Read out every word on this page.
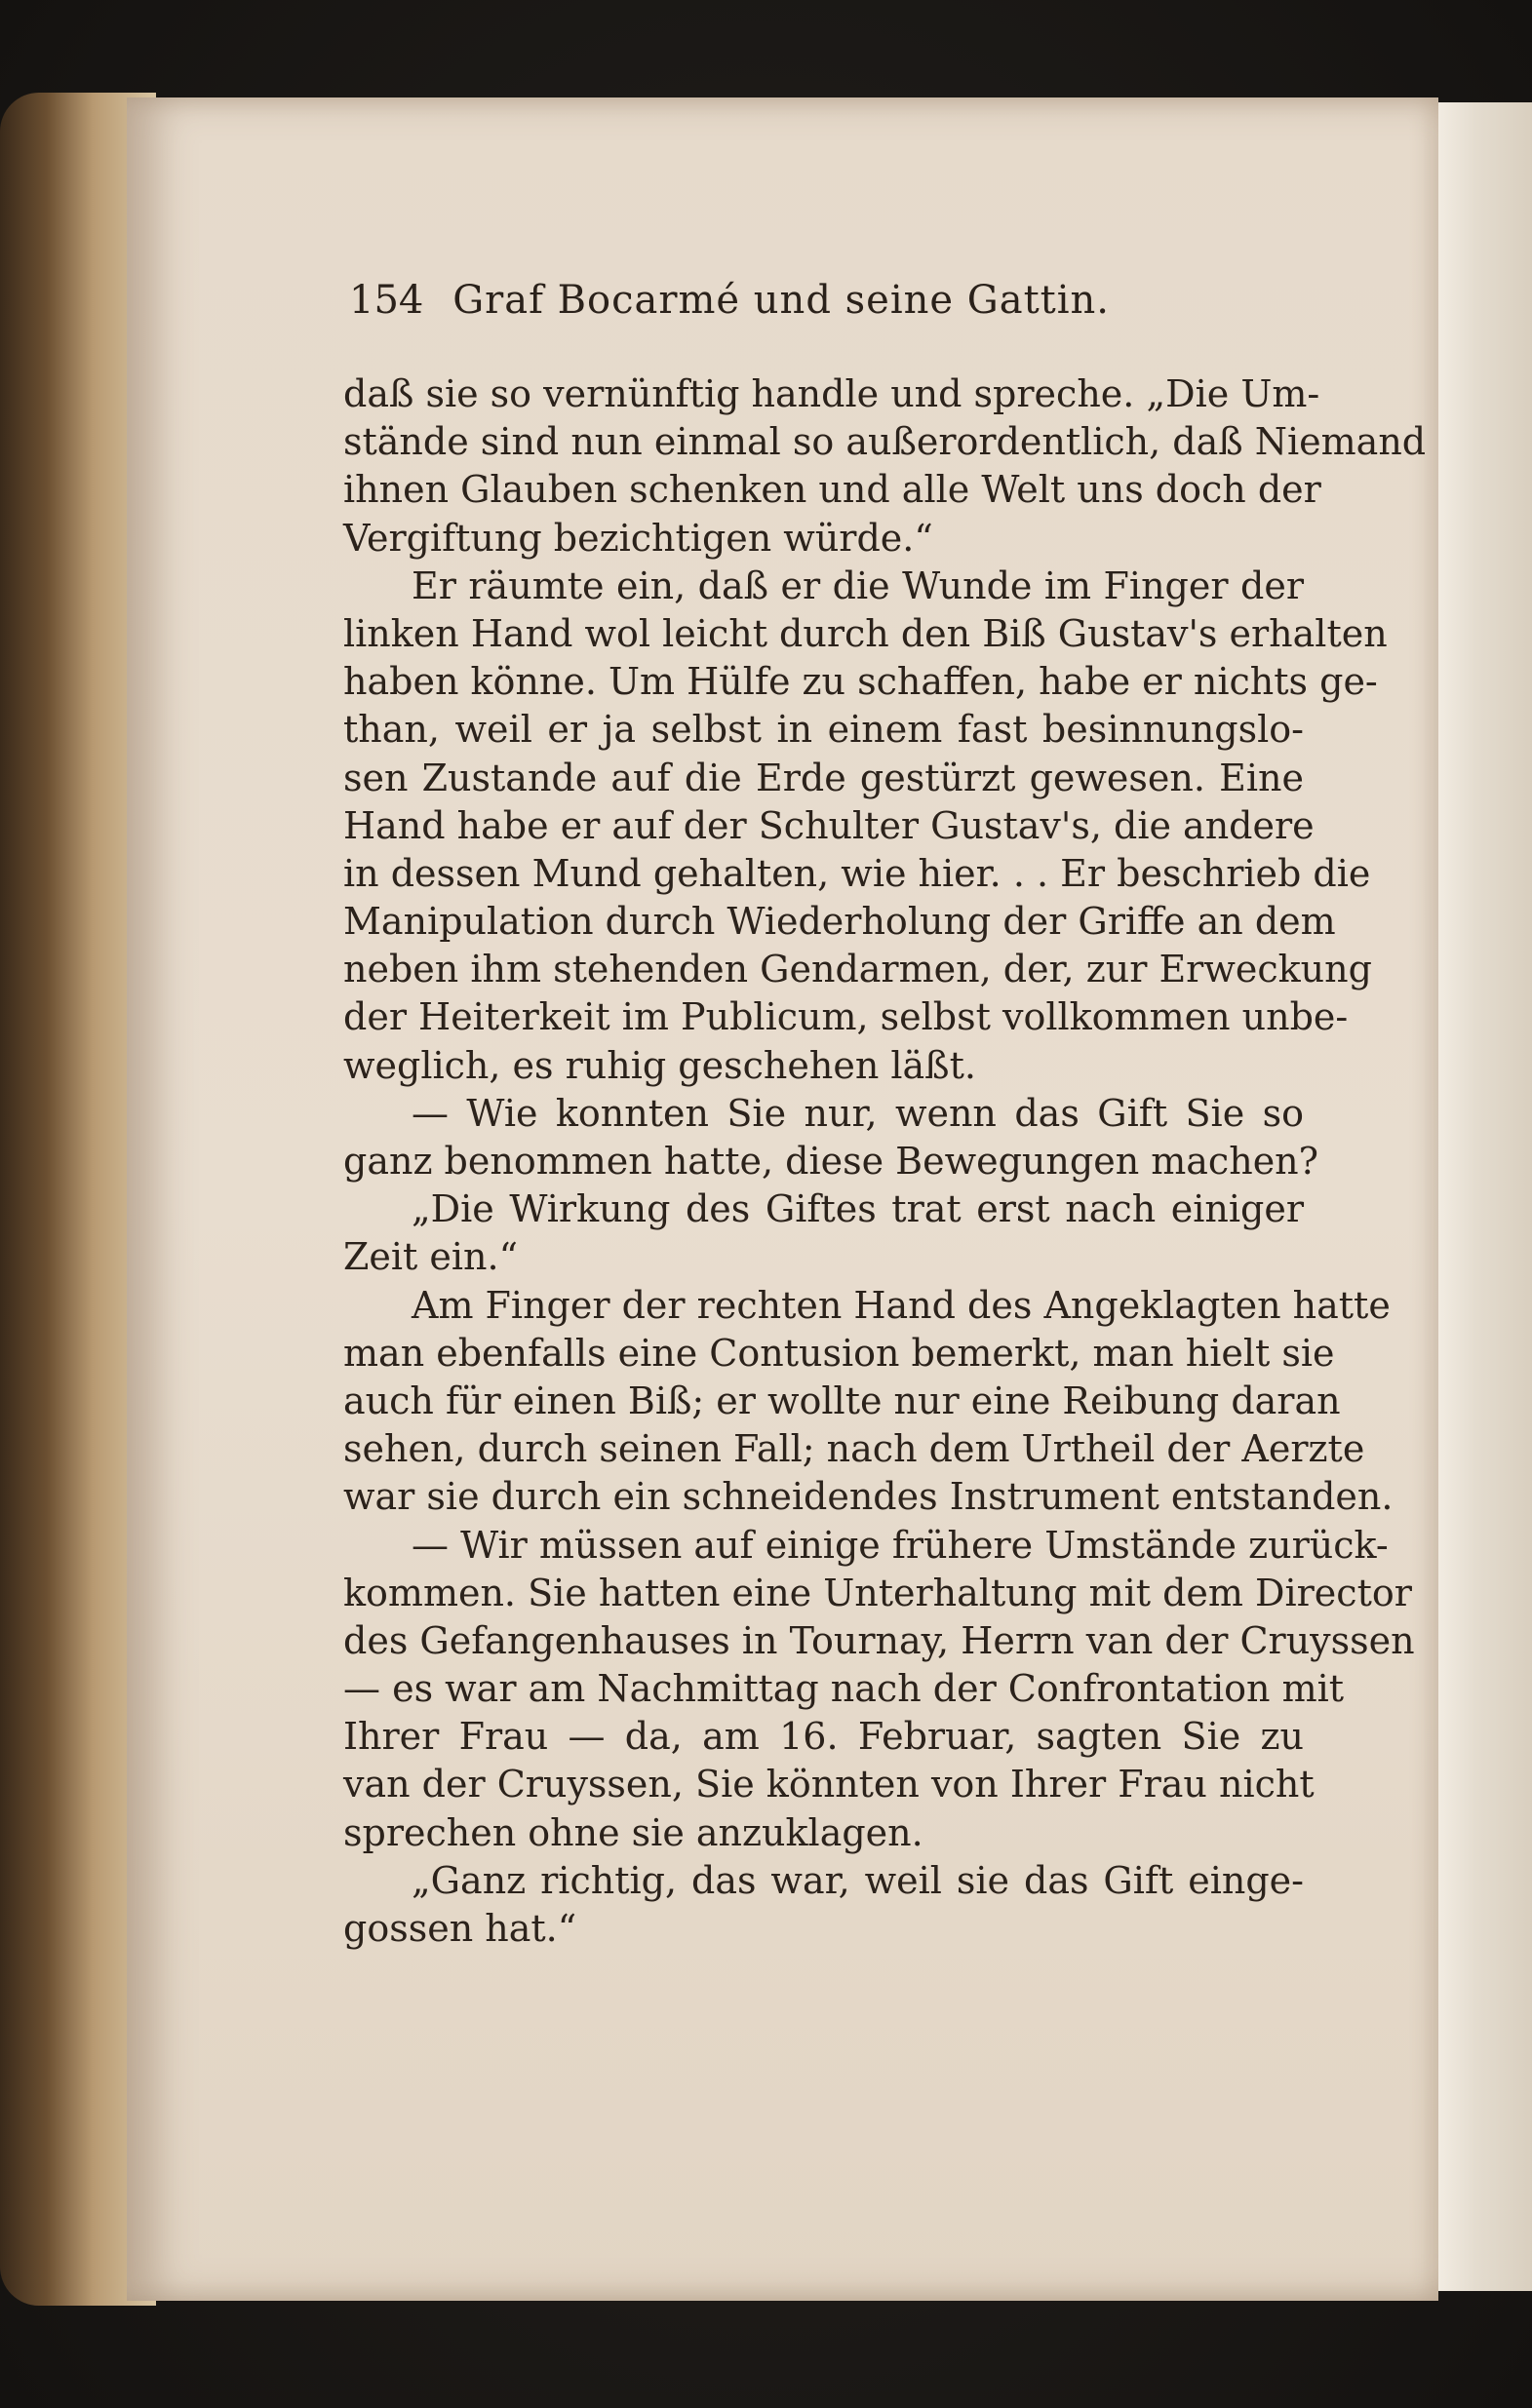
154 Graf Bocarmé und seine Gattin.
daß sie so vernünftig handle und spreche. „Die Um-
stände sind nun einmal so außerordentlich, daß Niemand
ihnen Glauben schenken und alle Welt uns doch der
Vergiftung bezichtigen würde.“
Er räumte ein, daß er die Wunde im Finger der
linken Hand wol leicht durch den Biß Gustav's erhalten
haben könne. Um Hülfe zu schaffen, habe er nichts ge-
than, weil er ja selbst in einem fast besinnungslo-
sen Zustande auf die Erde gestürzt gewesen. Eine
Hand habe er auf der Schulter Gustav's, die andere
in dessen Mund gehalten, wie hier. . . Er beschrieb die
Manipulation durch Wiederholung der Griffe an dem
neben ihm stehenden Gendarmen, der, zur Erweckung
der Heiterkeit im Publicum, selbst vollkommen unbe-
weglich, es ruhig geschehen läßt.
— Wie konnten Sie nur, wenn das Gift Sie so
ganz benommen hatte, diese Bewegungen machen?
„Die Wirkung des Giftes trat erst nach einiger
Zeit ein.“
Am Finger der rechten Hand des Angeklagten hatte
man ebenfalls eine Contusion bemerkt, man hielt sie
auch für einen Biß; er wollte nur eine Reibung daran
sehen, durch seinen Fall; nach dem Urtheil der Aerzte
war sie durch ein schneidendes Instrument entstanden.
— Wir müssen auf einige frühere Umstände zurück-
kommen. Sie hatten eine Unterhaltung mit dem Director
des Gefangenhauses in Tournay, Herrn van der Cruyssen
— es war am Nachmittag nach der Confrontation mit
Ihrer Frau — da, am 16. Februar, sagten Sie zu
van der Cruyssen, Sie könnten von Ihrer Frau nicht
sprechen ohne sie anzuklagen.
„Ganz richtig, das war, weil sie das Gift einge-
gossen hat.“
